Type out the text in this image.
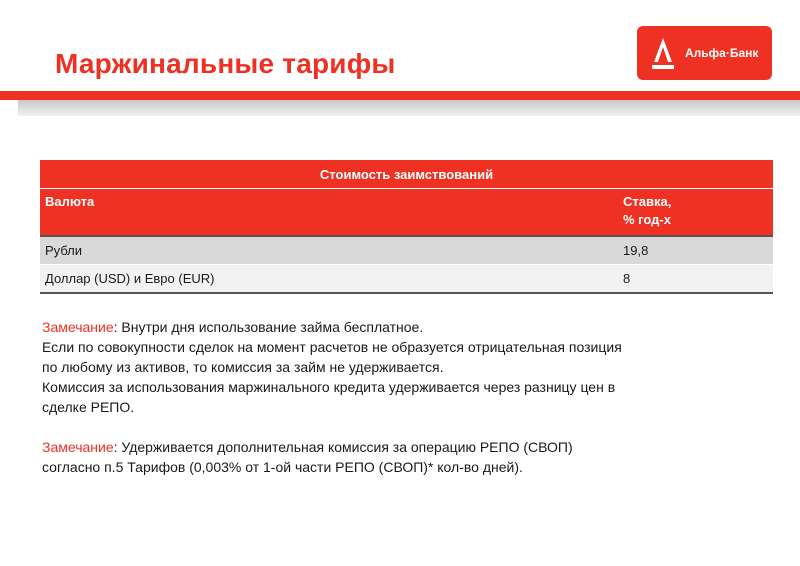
Маржинальные тарифы	Альфа·Банк
Стоимость заимствований	
Валюта	Ставка,
% год-х
Рубли	19,8
Доллар (USD) и Евро (EUR)	8

Замечание: Внутри дня использование займа бесплатное.
Если по совокупности сделок на момент расчетов не образуется отрицательная позиция
по любому из активов, то комиссия за займ не удерживается.
Комиссия за использования маржинального кредита удерживается через разницу цен в
сделке РЕПО.

Замечание: Удерживается дополнительная комиссия за операцию РЕПО (СВОП)
согласно п.5 Тарифов (0,003% от 1-ой части РЕПО (СВОП)* кол-во дней).
